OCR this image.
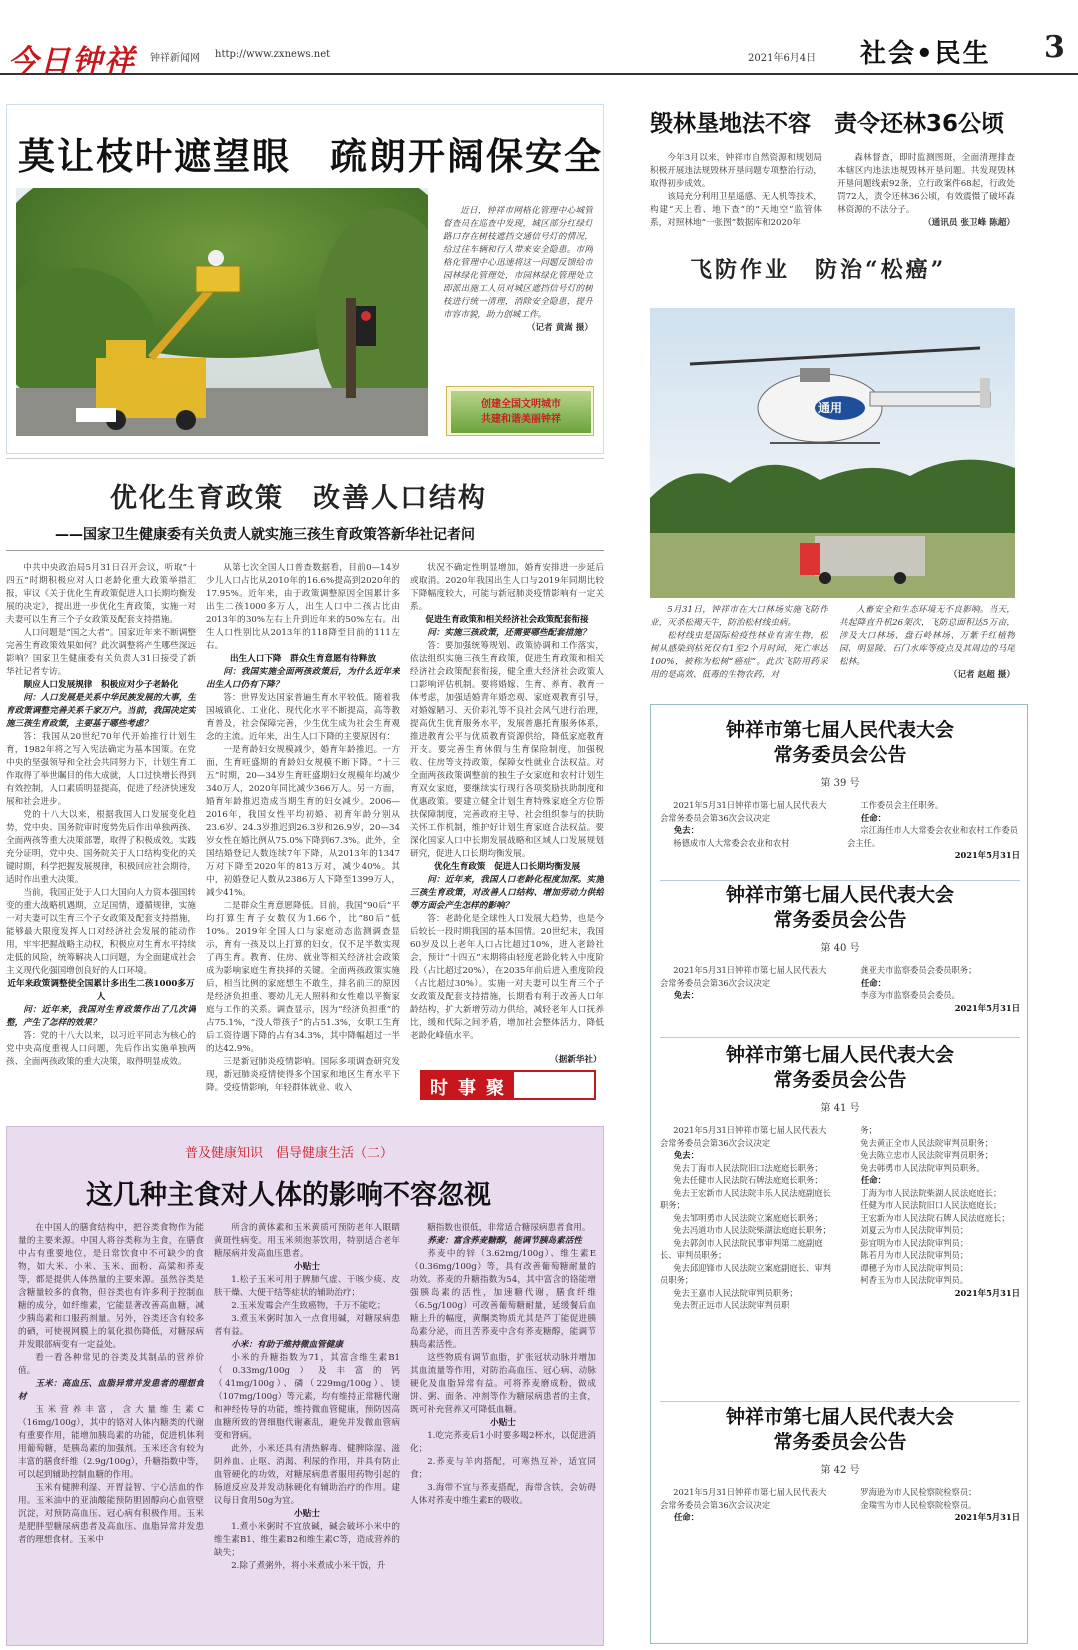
今日钟祥 钟祥新闻网 http://www.zxnews.net	2021年6月4日 社会•民生 3
莫让枝叶遮望眼　疏朗开阔保安全

近日，钟祥市网格化管理中心城管督查员在巡查中发现，城区部分红绿灯路口存在树枝遮挡交通信号灯的情况，给过往车辆和行人带来安全隐患。市网格化管理中心迅速将这一问题反馈给市园林绿化管理处，市园林绿化管理处立即派出施工人员对城区遮挡信号灯的树枝进行统一清理，消除安全隐患，提升市容市貌，助力创城工作。

（记者 黄嵩 摄）
创建全国文明城市
共建和谐美丽钟祥
毁林垦地法不容　责令还林36公顷

今年3月以来，钟祥市自然资源和规划局积极开展违法规毁林开垦问题专项整治行动，取得初步成效。

该局充分利用卫星遥感、无人机等技术，构建“天上看、地下查”的“天地空”监管体系，对照林地“一张图”数据库和2020年

森林督查，即时监测图斑，全面清理排查本辖区内违法违规毁林开垦问题。共发现毁林开垦问题线索92条，立行政案件68起，行政处罚72人，责令还林36公顷，有效震慑了破坏森林资源的不法分子。

（通讯员 张卫峰 陈超）
飞防作业　防治“松癌”
通用

5月31日，钟祥市在大口林场实施飞防作业，灭杀松褐天牛，防治松材线虫病。

松材线虫是国际检疫性林业有害生物，松树从感染到枯死仅有1至2个月时间，死亡率达100%，被称为松树“癌症”。此次飞防用药采用的是高效、低毒的生物农药，对

人畜安全和生态环境无不良影响。当天，共起降直升机26架次，飞防总面积达5万亩，涉及大口林场、盘石岭林场、万紫千红植物园、明显陵、石门水库等疫点及其周边的马尾松林。

（记者 赵超 摄）
优化生育政策　改善人口结构
——国家卫生健康委有关负责人就实施三孩生育政策答新华社记者问

中共中央政治局5月31日召开会议，听取“十四五”时期积极应对人口老龄化重大政策举措汇报，审议《关于优化生育政策促进人口长期均衡发展的决定》，提出进一步优化生育政策，实施一对夫妻可以生育三个子女政策及配套支持措施。

人口问题是“国之大者”。国家近年来不断调整完善生育政策效果如何？此次调整将产生哪些深远影响？国家卫生健康委有关负责人31日接受了新华社记者专访。

顺应人口发展规律　积极应对少子老龄化

问：人口发展是关系中华民族发展的大事，生育政策调整完善关系千家万户。当前，我国决定实施三孩生育政策，主要基于哪些考虑？

答：我国从20世纪70年代开始推行计划生育，1982年将之写入宪法确定为基本国策。在党中央的坚强领导和全社会共同努力下，计划生育工作取得了举世瞩目的伟大成就，人口过快增长得到有效控制，人口素质明显提高，促进了经济快速发展和社会进步。

党的十八大以来，根据我国人口发展变化趋势，党中央、国务院审时度势先后作出单独两孩、全面两孩等重大决策部署，取得了积极成效。实践充分证明，党中央、国务院关于人口结构变化的关键时期，科学把握发展规律，积极回应社会期待，适时作出重大决策。

当前，我国正处于人口大国向人力资本强国转变的重大战略机遇期，立足国情，遵循规律，实施一对夫妻可以生育三个子女政策及配套支持措施，能够最大限度发挥人口对经济社会发展的能动作用，牢牢把握战略主动权，积极应对生育水平持续走低的风险，统筹解决人口问题，为全面建成社会主义现代化强国增创良好的人口环境。

近年来政策调整使全国累计多出生二孩1000多万人

问：近年来，我国对生育政策作出了几次调整，产生了怎样的效果？

答：党的十八大以来，以习近平同志为核心的党中央高度重视人口问题，先后作出实施单独两孩、全面两孩政策的重大决策，取得明显成效。

从第七次全国人口普查数据看，目前0—14岁少儿人口占比从2010年的16.6%提高到2020年的17.95%。近年来，由于政策调整原因全国累计多出生二孩1000多万人，出生人口中二孩占比由2013年的30%左右上升到近年来的50%左右。出生人口性别比从2013年的118降至目前的111左右。

出生人口下降　群众生育意愿有待释放

问：我国实施全面两孩政策后，为什么近年来出生人口仍有下降？

答：世界发达国家普遍生育水平较低。随着我国城镇化、工业化、现代化水平不断提高，高等教育普及，社会保障完善，少生优生成为社会生育观念的主流。近年来，出生人口下降的主要原因有：

一是育龄妇女规模减少，婚育年龄推迟。一方面，生育旺盛期的育龄妇女规模不断下降。“十三五”时期，20—34岁生育旺盛期妇女规模年均减少340万人，2020年同比减少366万人。另一方面，婚育年龄推迟造成当期生育的妇女减少。2006—2016年，我国女性平均初婚、初育年龄分别从23.6岁、24.3岁推迟到26.3岁和26.9岁，20—34岁女性在婚比例从75.0%下降到67.3%。此外，全国结婚登记人数连续7年下降，从2013年的1347万对下降至2020年的813万对，减少40%。其中，初婚登记人数从2386万人下降至1399万人，减少41%。

二是群众生育意愿降低。目前，我国“90后”平均打算生育子女数仅为1.66个，比“80后”低10%。2019年全国人口与家庭动态监测调查显示，育有一孩及以上打算的妇女，仅不足半数实现了再生育。教育、住房、就业等相关经济社会政策成为影响家庭生育抉择的关键。全面两孩政策实施后，相当比例的家庭想生不敢生，排名前三的原因是经济负担重、婴幼儿无人照料和女性难以平衡家庭与工作的关系。调查显示，因为“经济负担重”的占75.1%，“没人带孩子”的占51.3%，女职工生育后工资待遇下降的占有34.3%，其中降幅超过一半的达42.9%。

三是新冠肺炎疫情影响。国际多项调查研究发现，新冠肺炎疫情使得多个国家和地区生育水平下降。受疫情影响，年轻群体就业、收入

状况不确定性明显增加，婚育安排进一步延后或取消。2020年我国出生人口与2019年同期比较下降幅度较大，可能与新冠肺炎疫情影响有一定关系。

促进生育政策和相关经济社会政策配套衔接

问：实施三孩政策，还需要哪些配套措施？

答：要加强统筹规划、政策协调和工作落实，依法组织实施三孩生育政策，促进生育政策和相关经济社会政策配套衔接，健全重大经济社会政策人口影响评估机制。要将婚嫁、生育、养育、教育一体考虑，加强适婚青年婚恋观、家庭观教育引导，对婚嫁陋习、天价彩礼等不良社会风气进行治理，提高优生优育服务水平，发展普惠托育服务体系，推进教育公平与优质教育资源供给，降低家庭教育开支。要完善生育休假与生育保险制度，加强税收、住房等支持政策，保障女性就业合法权益。对全面两孩政策调整前的独生子女家庭和农村计划生育双女家庭，要继续实行现行各项奖励扶助制度和优惠政策。要建立健全计划生育特殊家庭全方位帮扶保障制度，完善政府主导、社会组织参与的扶助关怀工作机制，维护好计划生育家庭合法权益。要深化国家人口中长期发展战略和区域人口发展规划研究，促进人口长期均衡发展。

优化生育政策　促进人口长期均衡发展

问：近年来，我国人口老龄化程度加深。实施三孩生育政策，对改善人口结构、增加劳动力供给等方面会产生怎样的影响？

答：老龄化是全球性人口发展大趋势，也是今后较长一段时期我国的基本国情。20世纪末，我国60岁及以上老年人口占比超过10%，进入老龄社会，预计“十四五”末期将由轻度老龄化转入中度阶段（占比超过20%），在2035年前后进入重度阶段（占比超过30%）。实施一对夫妻可以生育三个子女政策及配套支持措施，长期看有利于改善人口年龄结构，扩大新增劳动力供给，减轻老年人口抚养比，缓和代际之间矛盾，增加社会整体活力，降低老龄化峰值水平。

（据新华社）
时事聚焦
普及健康知识　倡导健康生活（二）
这几种主食对人体的影响不容忽视

在中国人的膳食结构中，把谷类食物作为能量的主要来源。中国人将谷类称为主食，在膳食中占有重要地位，是日常饮食中不可缺少的食物，如大米、小米、玉米、面粉、高粱和荞麦等，都是提供人体热量的主要来源。虽然谷类是含糖量较多的食物，但谷类也有许多利于控制血糖的成分，如纤维素，它能显著改善高血糖，减少胰岛素和口服药剂量。另外，谷类还含有较多的硒，可使视网膜上的氧化损伤降低，对糖尿病并发眼部病变有一定益处。

看一看各种常见的谷类及其制品的营养价值。

玉米：高血压、血脂异常并发患者的理想食材

玉米营养丰富，含大量维生素C（16mg/100g），其中的铬对人体内糖类的代谢有重要作用，能增加胰岛素的功能，促进机体利用葡萄糖，是胰岛素的加强剂。玉米还含有较为丰富的膳食纤维（2.9g/100g），升糖指数中等，可以起到辅助控制血糖的作用。

玉米有健脾利湿、开胃益智、宁心活血的作用。玉米油中的亚油酸能预防胆固醇向心血管壁沉淀，对预防高血压、冠心病有积极作用。玉米是肥胖型糖尿病患者及高血压、血脂异常并发患者的理想食材。玉米中

所含的黄体素和玉米黄质可预防老年人眼睛黄斑性病变。用玉米须泡茶饮用，特别适合老年糖尿病并发高血压患者。

小贴士

1.松子玉米可用于脾肺气虚、干咳少痰、皮肤干燥、大便干结等症状的辅助治疗；

2.玉米发霉会产生致癌物，千万不能吃；

3.煮玉米粥时加入一点食用碱，对糖尿病患者有益。

小米：有助于维持微血管健康

小米的升糖指数为71，其富含维生素B1（0.33mg/100g）及丰富的钙（41mg/100g）、磷（229mg/100g）、镁（107mg/100g）等元素，均有维持正常糖代谢和神经传导的功能，维持微血管健康，预防因高血糖所致的肾细胞代谢紊乱，避免并发微血管病变和肾病。

此外，小米还具有清热解毒、健脾除湿、滋阴养血、止呕、消渴、利尿的作用，并具有防止血管硬化的功效，对糖尿病患者服用药物引起的肠道反应及并发动脉硬化有辅助治疗的作用。建议每日食用50g为宜。

小贴士

1.煮小米粥时不宜放碱，碱会破坏小米中的维生素B1、维生素B2和维生素C等，造成营养的缺失；

2.除了煮粥外，将小米煮成小米干饭，升

糖指数也很低，非常适合糖尿病患者食用。

荞麦：富含荞麦糖醇，能调节胰岛素活性

荞麦中的锌（3.62mg/100g）、维生素E（0.36mg/100g）等，具有改善葡萄糖耐量的功效。荞麦的升糖指数为54，其中富含的铬能增强胰岛素的活性，加速糖代谢，膳食纤维（6.5g/100g）可改善葡萄糖耐量，延缓餐后血糖上升的幅度，黄酮类物质尤其是芦丁能促进胰岛素分泌，而且苦荞麦中含有荞麦糖醇，能调节胰岛素活性。

这些物质有调节血脂，扩张冠状动脉并增加其血流量等作用，对防治高血压、冠心病、动脉硬化及血脂异常有益。可将荞麦磨成粉，做成饼、粥、面条、冲剂等作为糖尿病患者的主食，既可补充营养又可降低血糖。

小贴士

1.吃完荞麦后1小时要多喝2杯水，以促进消化；

2.荞麦与羊肉搭配，可寒热互补，适宜同食；

3.海带不宜与荞麦搭配，海带含铁，会妨碍人体对荞麦中维生素E的吸收。

钟祥市第七届人民代表大会
常务委员会公告
第 39 号
2021年5月31日钟祥市第七届人民代表大会常务委员会第36次会议决定
免去：
杨德成市人大常委会农业和农村
工作委员会主任职务。
任命：
宗江海任市人大常委会农业和农村工作委员会主任。
2021年5月31日
钟祥市第七届人民代表大会
常务委员会公告
第 40 号
2021年5月31日钟祥市第七届人民代表大会常务委员会第36次会议决定
免去：
龚亚夫市监察委员会委员职务；
任命：
李彦为市监察委员会委员。
2021年5月31日
钟祥市第七届人民代表大会
常务委员会公告
第 41 号
2021年5月31日钟祥市第七届人民代表大会常务委员会第36次会议决定
免去：
免去丁海市人民法院旧口法庭庭长职务；
免去任健市人民法院石牌法庭庭长职务；
免去王宏新市人民法院丰乐人民法庭副庭长职务；
免去邹明勇市人民法院立案庭庭长职务；
免去冯道功市人民法院柴湖法庭庭长职务；
免去郭剑市人民法院民事审判第二庭副庭长、审判员职务；
免去邱迎锋市人民法院立案庭副庭长、审判员职务；
免去王嘉市人民法院审判员职务；
免去贺正远市人民法院审判员职
务；
免去黄正全市人民法院审判员职务；
免去陈立忠市人民法院审判员职务；
免去韩勇市人民法院审判员职务。
任命：
丁海为市人民法院柴湖人民法庭庭长；
任健为市人民法院旧口人民法庭庭长；
王宏新为市人民法院石牌人民法庭庭长；
刘夏云为市人民法院审判员；
彭宜明为市人民法院审判员；
陈若月为市人民法院审判员；
谭穗子为市人民法院审判员；
柯香玉为市人民法院审判员。
2021年5月31日
钟祥市第七届人民代表大会
常务委员会公告
第 42 号
2021年5月31日钟祥市第七届人民代表大会常务委员会第36次会议决定
任命：
罗海逊为市人民检察院检察员；
金瑞雪为市人民检察院检察员。
2021年5月31日
